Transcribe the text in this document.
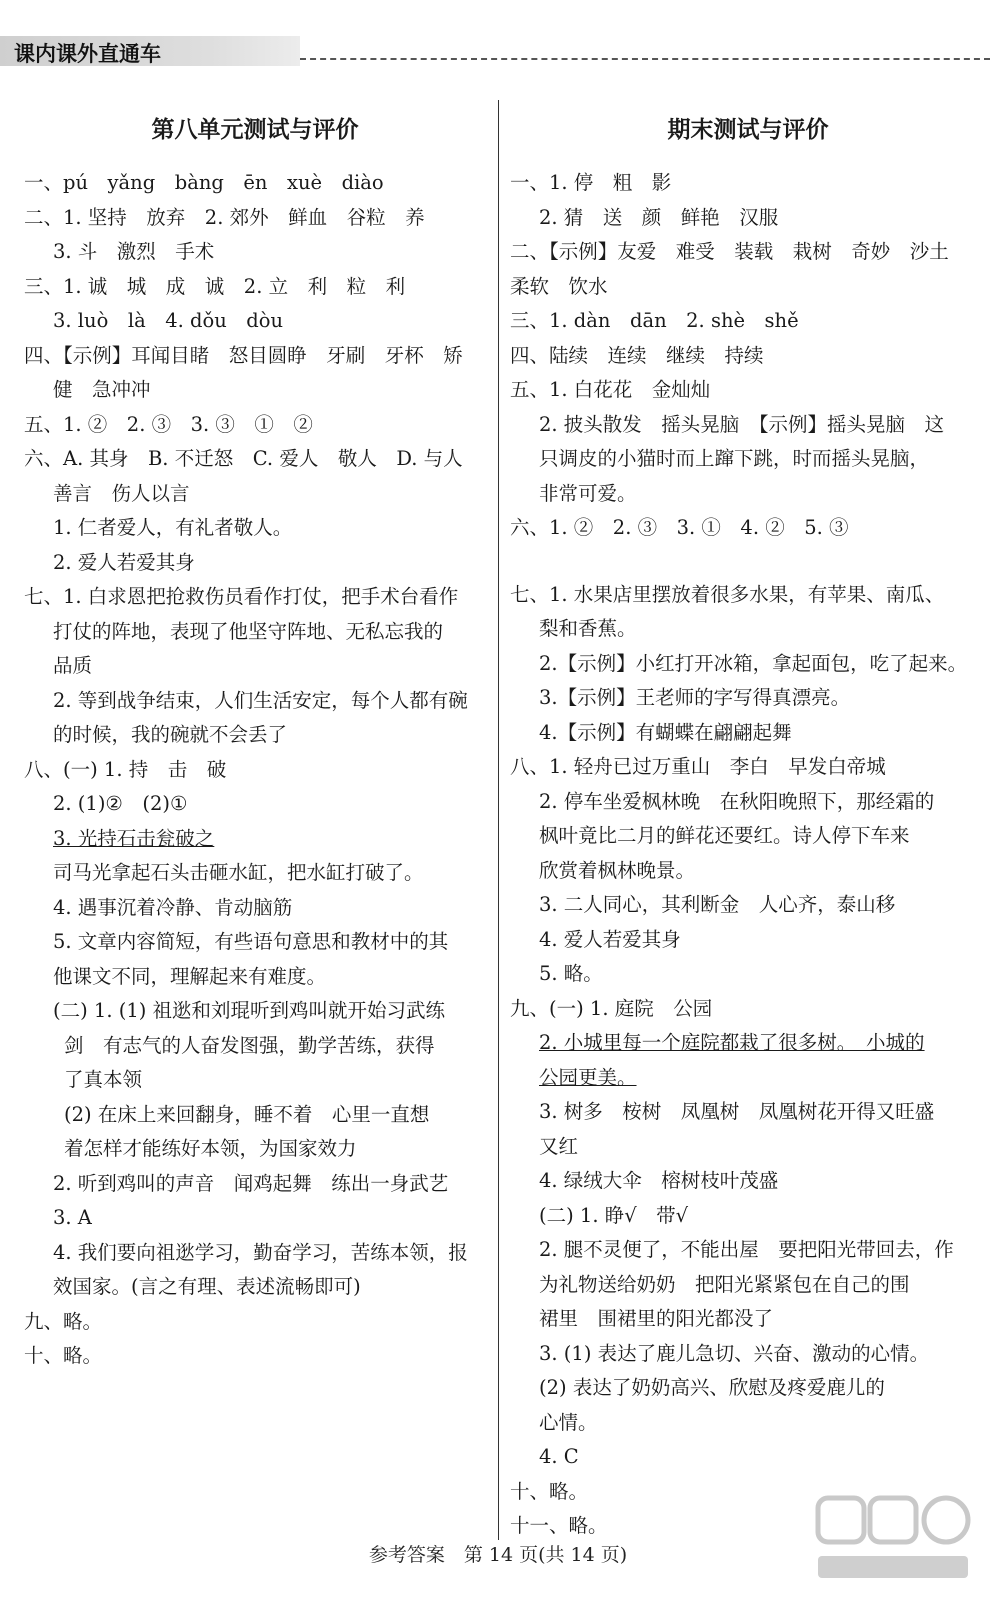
课内课外直通车
第八单元测试与评价
一、pú　yǎng　bàng　ēn　xuè　diào
二、1. 坚持　放弃　2. 郊外　鲜血　谷粒　养
3. 斗　激烈　手术
三、1. 诚　城　成　诚　2. 立　利　粒　利
3. luò　là　4. dǒu　dòu
四、【示例】耳闻目睹　怒目圆睁　牙刷　牙杯　矫
健　急冲冲
五、1. ②　2. ③　3. ③　①　②
六、A. 其身　B. 不迁怒　C. 爱人　敬人　D. 与人
善言　伤人以言
1. 仁者爱人，有礼者敬人。
2. 爱人若爱其身
七、1. 白求恩把抢救伤员看作打仗，把手术台看作
打仗的阵地，表现了他坚守阵地、无私忘我的
品质
2. 等到战争结束，人们生活安定，每个人都有碗
的时候，我的碗就不会丢了
八、(一) 1. 持　击　破
2. (1)②　(2)①
3. 光持石击瓮破之
司马光拿起石头击砸水缸，把水缸打破了。
4. 遇事沉着冷静、肯动脑筋
5. 文章内容简短，有些语句意思和教材中的其
他课文不同，理解起来有难度。
(二) 1. (1) 祖逖和刘琨听到鸡叫就开始习武练
剑　有志气的人奋发图强，勤学苦练，获得
了真本领
(2) 在床上来回翻身，睡不着　心里一直想
着怎样才能练好本领，为国家效力
2. 听到鸡叫的声音　闻鸡起舞　练出一身武艺
3. A
4. 我们要向祖逖学习，勤奋学习，苦练本领，报
效国家。(言之有理、表述流畅即可)
九、略。
十、略。
期末测试与评价
一、1. 停　粗　影
2. 猜　送　颜　鲜艳　汉服
二、【示例】友爱　难受　装载　栽树　奇妙　沙土
柔软　饮水
三、1. dàn　dān　2. shè　shě
四、陆续　连续　继续　持续
五、1. 白花花　金灿灿
2. 披头散发　摇头晃脑　【示例】摇头晃脑　这
只调皮的小猫时而上蹿下跳，时而摇头晃脑，
非常可爱。
六、1. ②　2. ③　3. ①　4. ②　5. ③
七、1. 水果店里摆放着很多水果，有苹果、南瓜、
梨和香蕉。
2.【示例】小红打开冰箱，拿起面包，吃了起来。
3.【示例】王老师的字写得真漂亮。
4.【示例】有蝴蝶在翩翩起舞
八、1. 轻舟已过万重山　李白　早发白帝城
2. 停车坐爱枫林晚　在秋阳晚照下，那经霜的
枫叶竟比二月的鲜花还要红。诗人停下车来
欣赏着枫林晚景。
3. 二人同心，其利断金　人心齐，泰山移
4. 爱人若爱其身
5. 略。
九、(一) 1. 庭院　公园
2. 小城里每一个庭院都栽了很多树。　小城的
公园更美。
3. 树多　桉树　凤凰树　凤凰树花开得又旺盛
又红
4. 绿绒大伞　榕树枝叶茂盛
(二) 1. 睁√　带√
2. 腿不灵便了，不能出屋　要把阳光带回去，作
为礼物送给奶奶　把阳光紧紧包在自己的围
裙里　围裙里的阳光都没了
3. (1) 表达了鹿儿急切、兴奋、激动的心情。
(2) 表达了奶奶高兴、欣慰及疼爱鹿儿的
心情。
4. C
十、略。
十一、略。
参考答案　第 14 页(共 14 页)
